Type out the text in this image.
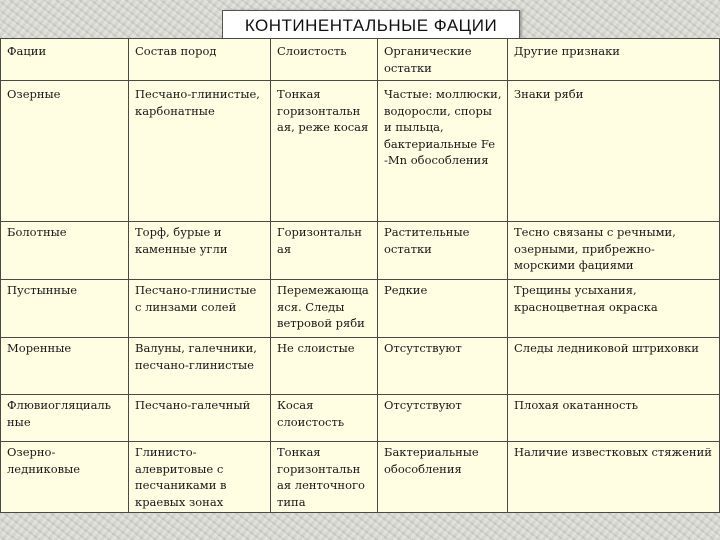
КОНТИНЕНТАЛЬНЫЕ ФАЦИИ
Фации	Состав пород	Слоистость	Органические остатки	Другие признаки
Озерные	Песчано-глинистые, карбонатные	Тонкая горизонтальн ая, реже косая	Частые: моллюски, водоросли, споры и пыльца, бактериальные Fe -Mn обособления	Знаки ряби
Болотные	Торф, бурые и каменные угли	Горизонтальн ая	Растительные остатки	Тесно связаны с речными, озерными, прибрежно-морскими фациями
Пустынные	Песчано-глинистые с линзами солей	Перемежающа яся. Следы ветровой ряби	Редкие	Трещины усыхания, красноцветная окраска
Моренные	Валуны, галечники, песчано-глинистые	Не слоистые	Отсутствуют	Следы ледниковой штриховки
Флювиогляциаль ные	Песчано-галечный	Косая слоистость	Отсутствуют	Плохая окатанность
Озерно-ледниковые	Глинисто-алевритовые с песчаниками в краевых зонах	Тонкая горизонтальн ая ленточного типа	Бактериальные обособления	Наличие известковых стяжений
